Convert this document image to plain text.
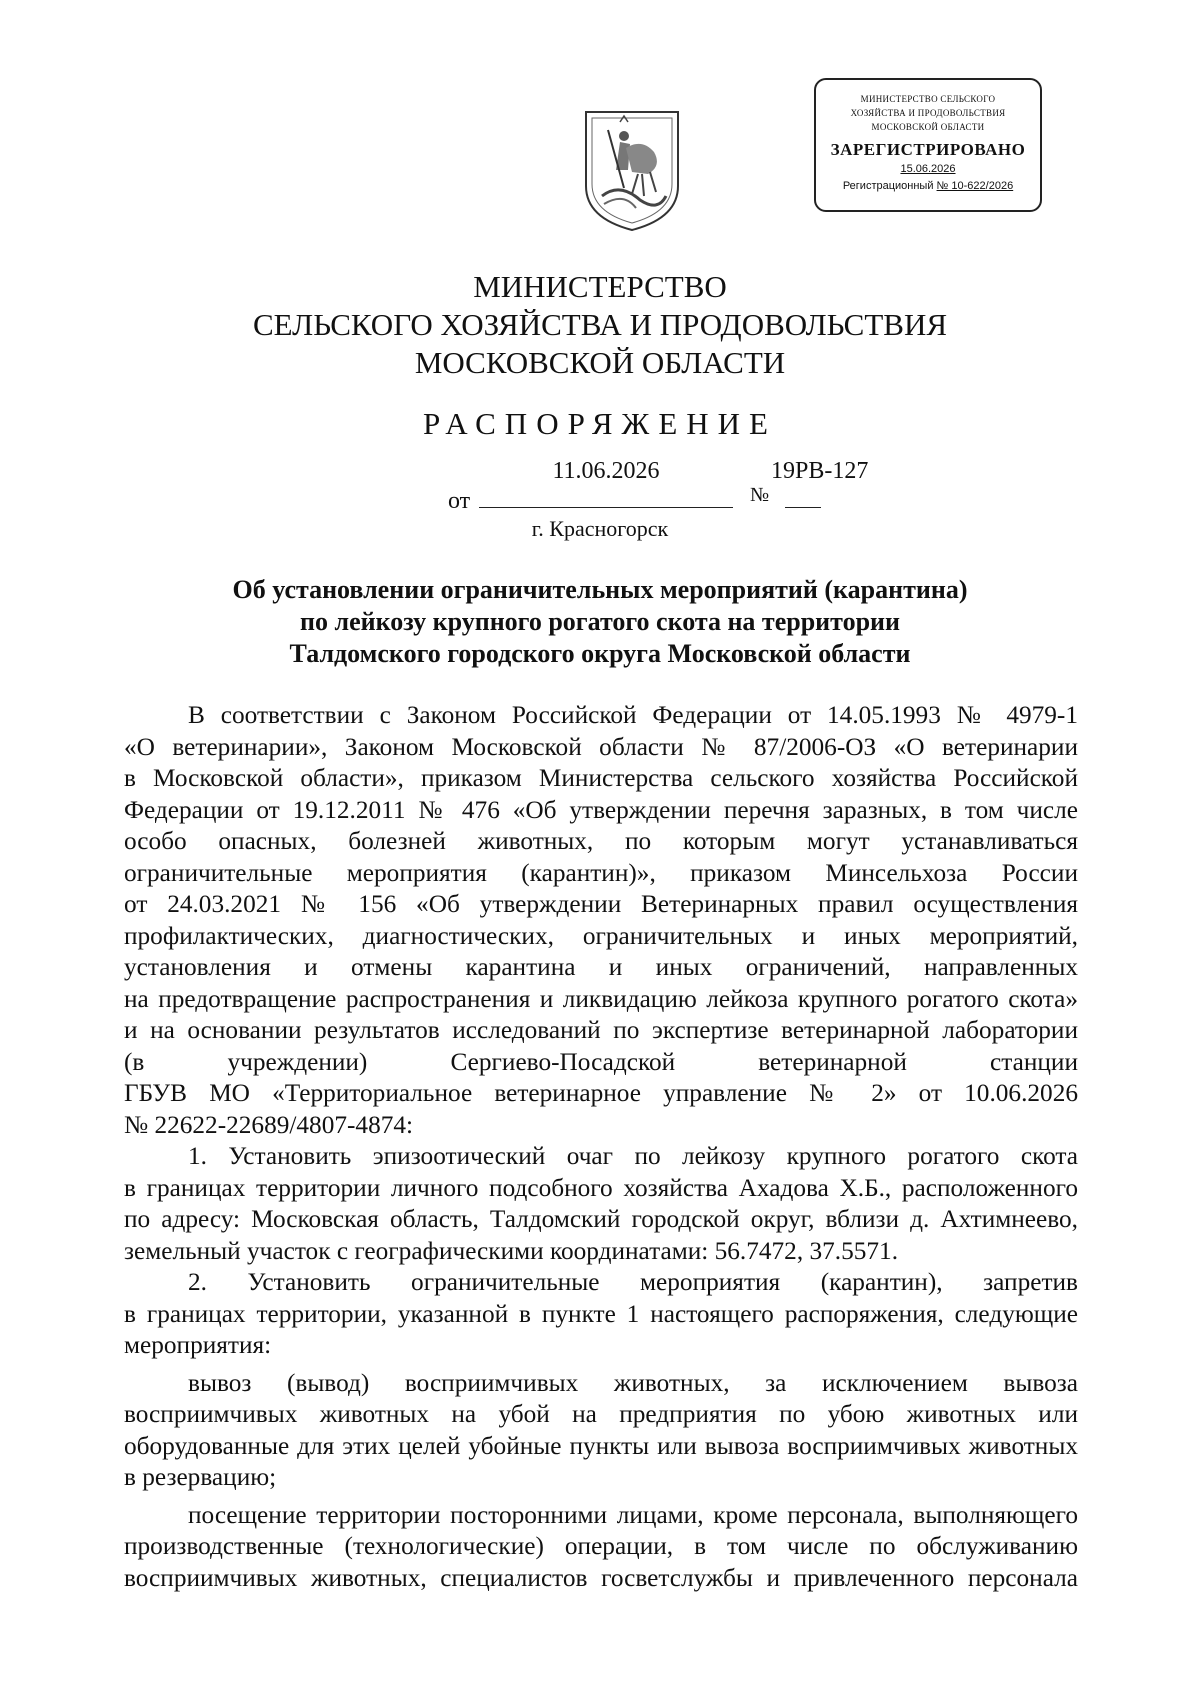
МИНИСТЕРСТВО СЕЛЬСКОГО
ХОЗЯЙСТВА И ПРОДОВОЛЬСТВИЯ
МОСКОВСКОЙ ОБЛАСТИ
ЗАРЕГИСТРИРОВАНО
15.06.2026
Регистрационный № 10-622/2026
МИНИСТЕРСТВО
СЕЛЬСКОГО ХОЗЯЙСТВА И ПРОДОВОЛЬСТВИЯ
МОСКОВСКОЙ ОБЛАСТИ
РАСПОРЯЖЕНИЕ
от
11.06.2026
№
19РВ-127
г. Красногорск
Об установлении ограничительных мероприятий (карантина)
по лейкозу крупного рогатого скота на территории
Талдомского городского округа Московской области
В соответствии с Законом Российской Федерации от 14.05.1993 № 4979-1
«О ветеринарии», Законом Московской области № 87/2006-ОЗ «О ветеринарии
в Московской области», приказом Министерства сельского хозяйства Российской
Федерации от 19.12.2011 № 476 «Об утверждении перечня заразных, в том числе
особо опасных, болезней животных, по которым могут устанавливаться
ограничительные мероприятия (карантин)», приказом Минсельхоза России
от 24.03.2021 № 156 «Об утверждении Ветеринарных правил осуществления
профилактических, диагностических, ограничительных и иных мероприятий,
установления и отмены карантина и иных ограничений, направленных
на предотвращение распространения и ликвидацию лейкоза крупного рогатого скота»
и на основании результатов исследований по экспертизе ветеринарной лаборатории
(в учреждении) Сергиево-Посадской ветеринарной станции
ГБУВ МО «Территориальное ветеринарное управление № 2» от 10.06.2026
№ 22622-22689/4807-4874:
1. Установить эпизоотический очаг по лейкозу крупного рогатого скота
в границах территории личного подсобного хозяйства Ахадова Х.Б., расположенного
по адресу: Московская область, Талдомский городской округ, вблизи д. Ахтимнеево,
земельный участок с географическими координатами: 56.7472, 37.5571.
2. Установить ограничительные мероприятия (карантин), запретив
в границах территории, указанной в пункте 1 настоящего распоряжения, следующие
мероприятия:
вывоз (вывод) восприимчивых животных, за исключением вывоза
восприимчивых животных на убой на предприятия по убою животных или
оборудованные для этих целей убойные пункты или вывоза восприимчивых животных
в резервацию;
посещение территории посторонними лицами, кроме персонала, выполняющего
производственные (технологические) операции, в том числе по обслуживанию
восприимчивых животных, специалистов госветслужбы и привлеченного персонала
